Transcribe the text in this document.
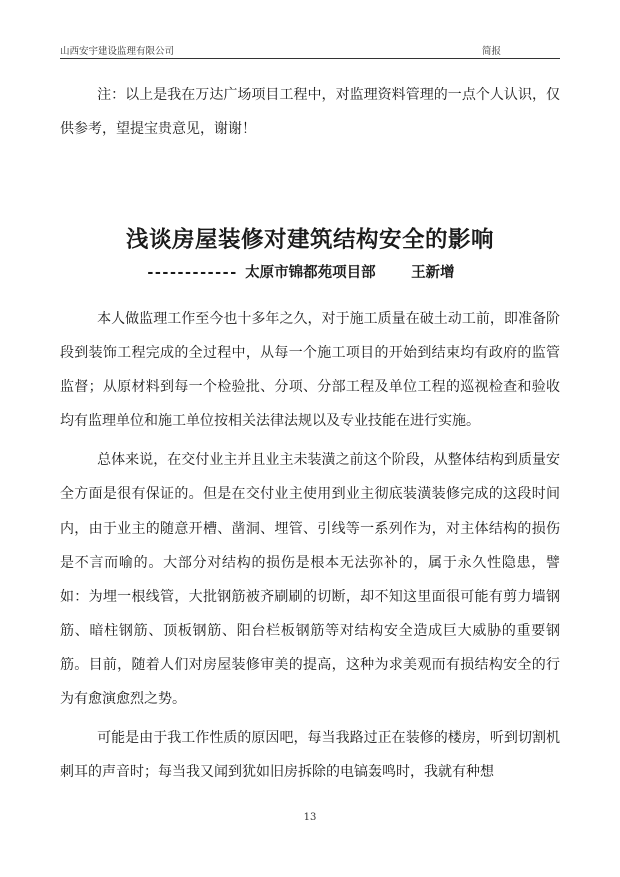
山西安宇建设监理有限公司	简报
注：以上是我在万达广场项目工程中，对监理资料管理的一点个人认识，仅供参考，望提宝贵意见，谢谢！
浅谈房屋装修对建筑结构安全的影响
------------ 太原市锦都苑项目部 王新增

本人做监理工作至今也十多年之久，对于施工质量在破土动工前，即准备阶段到装饰工程完成的全过程中，从每一个施工项目的开始到结束均有政府的监管监督；从原材料到每一个检验批、分项、分部工程及单位工程的巡视检查和验收均有监理单位和施工单位按相关法律法规以及专业技能在进行实施。

总体来说，在交付业主并且业主未装潢之前这个阶段，从整体结构到质量安全方面是很有保证的。但是在交付业主使用到业主彻底装潢装修完成的这段时间内，由于业主的随意开槽、凿洞、埋管、引线等一系列作为，对主体结构的损伤是不言而喻的。大部分对结构的损伤是根本无法弥补的，属于永久性隐患，譬如：为埋一根线管，大批钢筋被齐刷刷的切断，却不知这里面很可能有剪力墙钢筋、暗柱钢筋、顶板钢筋、阳台栏板钢筋等对结构安全造成巨大威胁的重要钢筋。目前，随着人们对房屋装修审美的提高，这种为求美观而有损结构安全的行为有愈演愈烈之势。

可能是由于我工作性质的原因吧，每当我路过正在装修的楼房，听到切割机刺耳的声音时；每当我又闻到犹如旧房拆除的电镐轰鸣时，我就有种想

13
